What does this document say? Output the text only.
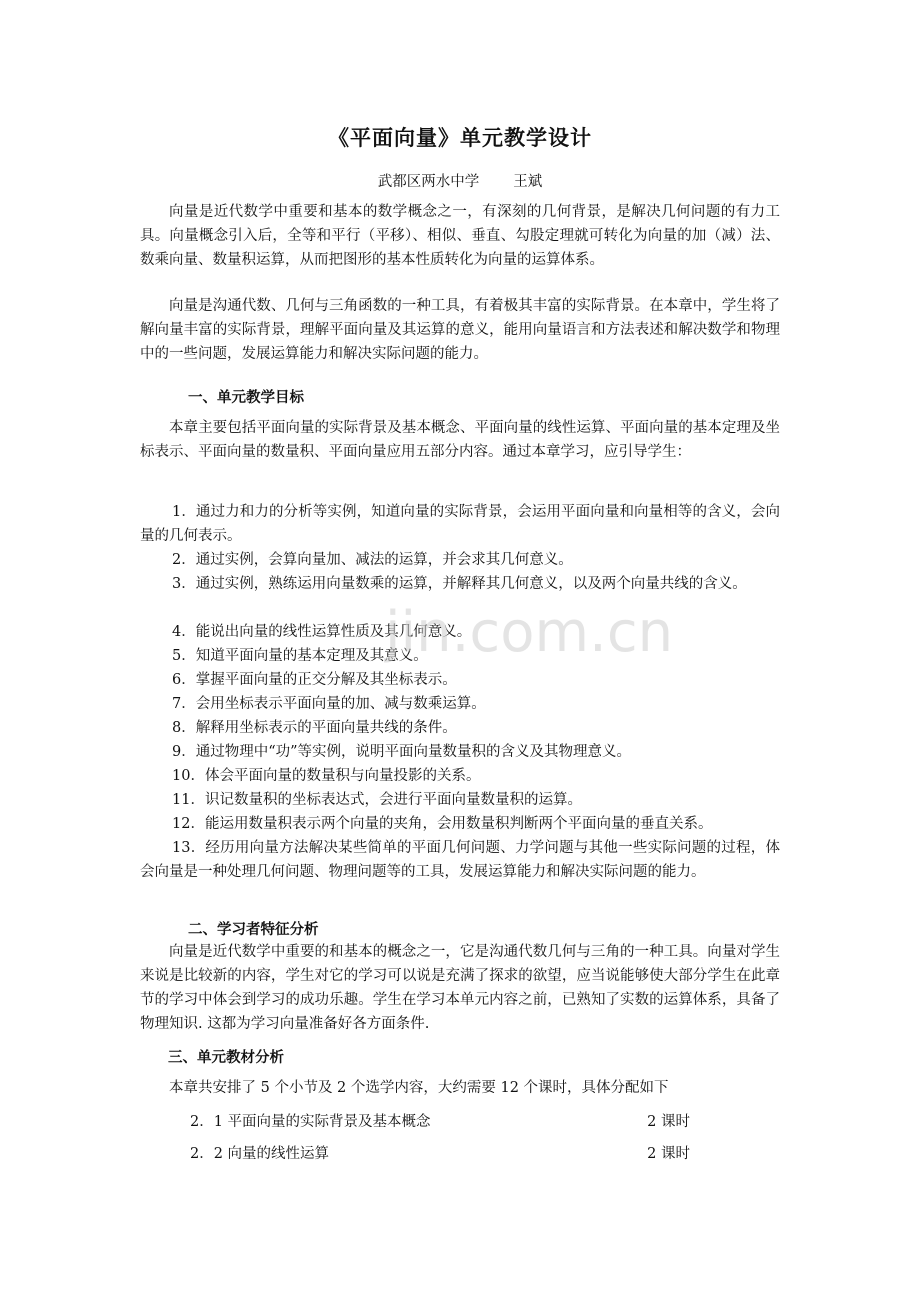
《平面向量》单元教学设计
武都区两水中学 王斌

向量是近代数学中重要和基本的数学概念之一，有深刻的几何背景，是解决几何问题的有力工具。向量概念引入后，全等和平行（平移）、相似、垂直、勾股定理就可转化为向量的加（减）法、数乘向量、数量积运算，从而把图形的基本性质转化为向量的运算体系。

向量是沟通代数、几何与三角函数的一种工具，有着极其丰富的实际背景。在本章中，学生将了解向量丰富的实际背景，理解平面向量及其运算的意义，能用向量语言和方法表述和解决数学和物理中的一些问题，发展运算能力和解决实际问题的能力。

一、单元教学目标

本章主要包括平面向量的实际背景及基本概念、平面向量的线性运算、平面向量的基本定理及坐标表示、平面向量的数量积、平面向量应用五部分内容。通过本章学习，应引导学生：

1．通过力和力的分析等实例，知道向量的实际背景，会运用平面向量和向量相等的含义，会向量的几何表示。

2．通过实例，会算向量加、减法的运算，并会求其几何意义。

3．通过实例，熟练运用向量数乘的运算，并解释其几何意义，以及两个向量共线的含义。

4．能说出向量的线性运算性质及其几何意义。

5．知道平面向量的基本定理及其意义。

6．掌握平面向量的正交分解及其坐标表示。

7．会用坐标表示平面向量的加、减与数乘运算。

8．解释用坐标表示的平面向量共线的条件。

9．通过物理中“功”等实例，说明平面向量数量积的含义及其物理意义。

10．体会平面向量的数量积与向量投影的关系。

11．识记数量积的坐标表达式，会进行平面向量数量积的运算。

12．能运用数量积表示两个向量的夹角，会用数量积判断两个平面向量的垂直关系。

13．经历用向量方法解决某些简单的平面几何问题、力学问题与其他一些实际问题的过程，体会向量是一种处理几何问题、物理问题等的工具，发展运算能力和解决实际问题的能力。

二、学习者特征分析

向量是近代数学中重要的和基本的概念之一，它是沟通代数几何与三角的一种工具。向量对学生来说是比较新的内容，学生对它的学习可以说是充满了探求的欲望，应当说能够使大部分学生在此章节的学习中体会到学习的成功乐趣。学生在学习本单元内容之前，已熟知了实数的运算体系，具备了物理知识. 这都为学习向量准备好各方面条件.

三、单元教材分析
本章共安排了 5 个小节及 2 个选学内容，大约需要 12 个课时，具体分配如下
2．1 平面向量的实际背景及基本概念	2 课时
2．2 向量的线性运算	2 课时
jin.com.cn
